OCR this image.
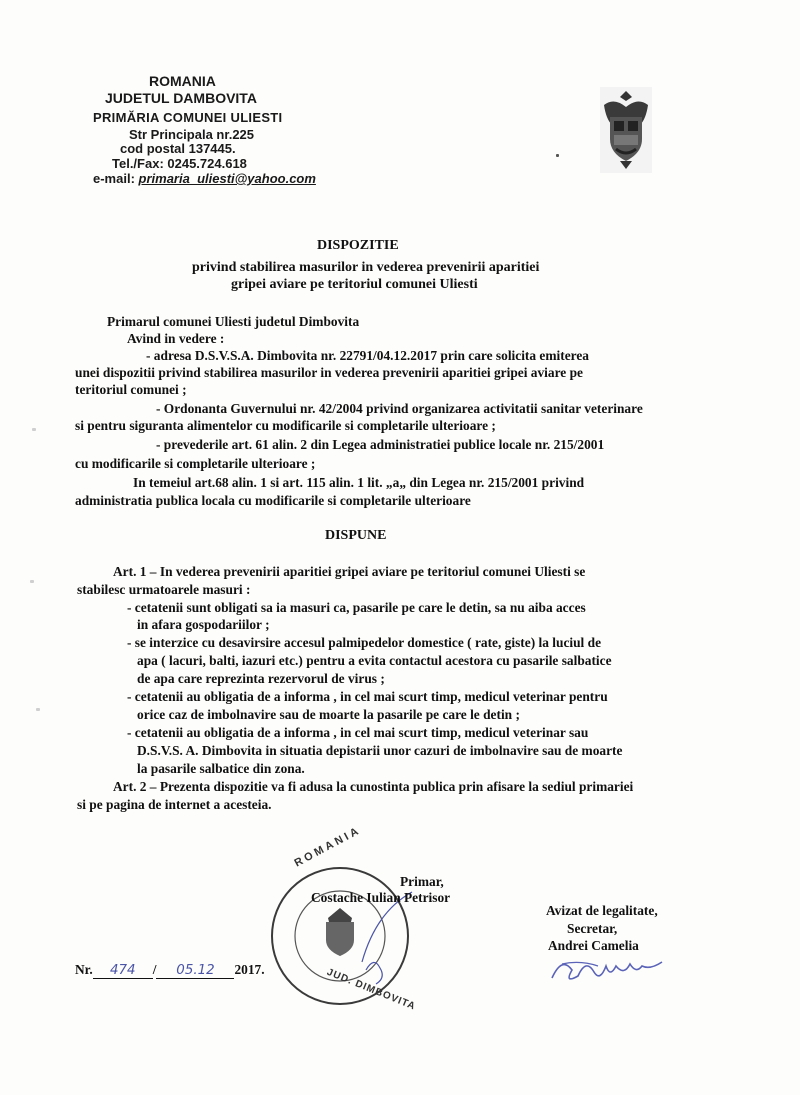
ROMANIA
JUDETUL DAMBOVITA
PRIMĂRIA COMUNEI ULIESTI
Str Principala nr.225
cod postal 137445.
Tel./Fax: 0245.724.618
e-mail: primaria_uliesti@yahoo.com
DISPOZITIE
privind stabilirea masurilor in vederea prevenirii aparitiei
gripei aviare pe teritoriul comunei Uliesti
Primarul comunei Uliesti judetul Dimbovita
Avind in vedere :
- adresa D.S.V.S.A. Dimbovita nr. 22791/04.12.2017 prin care solicita emiterea
unei dispozitii privind stabilirea masurilor in vederea prevenirii aparitiei gripei aviare pe
teritoriul comunei ;
- Ordonanta Guvernului nr. 42/2004 privind organizarea activitatii sanitar veterinare
si pentru siguranta alimentelor cu modificarile si completarile ulterioare ;
- prevederile art. 61 alin. 2 din Legea administratiei publice locale nr. 215/2001
cu modificarile si completarile ulterioare ;
In temeiul art.68 alin. 1 si art. 115 alin. 1 lit. „a„ din Legea nr. 215/2001 privind
administratia publica locala cu modificarile si completarile ulterioare
DISPUNE
Art. 1 – In vederea prevenirii aparitiei gripei aviare pe teritoriul comunei Uliesti se
stabilesc urmatoarele masuri :
- cetatenii sunt obligati sa ia masuri ca, pasarile pe care le detin, sa nu aiba acces
in afara gospodariilor ;
- se interzice cu desavirsire accesul palmipedelor domestice ( rate, giste) la luciul de
apa ( lacuri, balti, iazuri etc.) pentru a evita contactul acestora cu pasarile salbatice
de apa care reprezinta rezervorul de virus ;
- cetatenii au obligatia de a informa , in cel mai scurt timp, medicul veterinar pentru
orice caz de imbolnavire sau de moarte la pasarile pe care le detin ;
- cetatenii au obligatia de a informa , in cel mai scurt timp, medicul veterinar sau
D.S.V.S. A. Dimbovita in situatia depistarii unor cazuri de imbolnavire sau de moarte
la pasarile salbatice din zona.
Art. 2 – Prezenta dispozitie va fi adusa la cunostinta publica prin afisare la sediul primariei
si pe pagina de internet a acesteia.
ROMANIA
JUD. DIMBOVITA
Primar,
Costache Iulian Petrisor
Avizat de legalitate,
Secretar,
Andrei Camelia
Nr. 474 / 05.12 2017.
